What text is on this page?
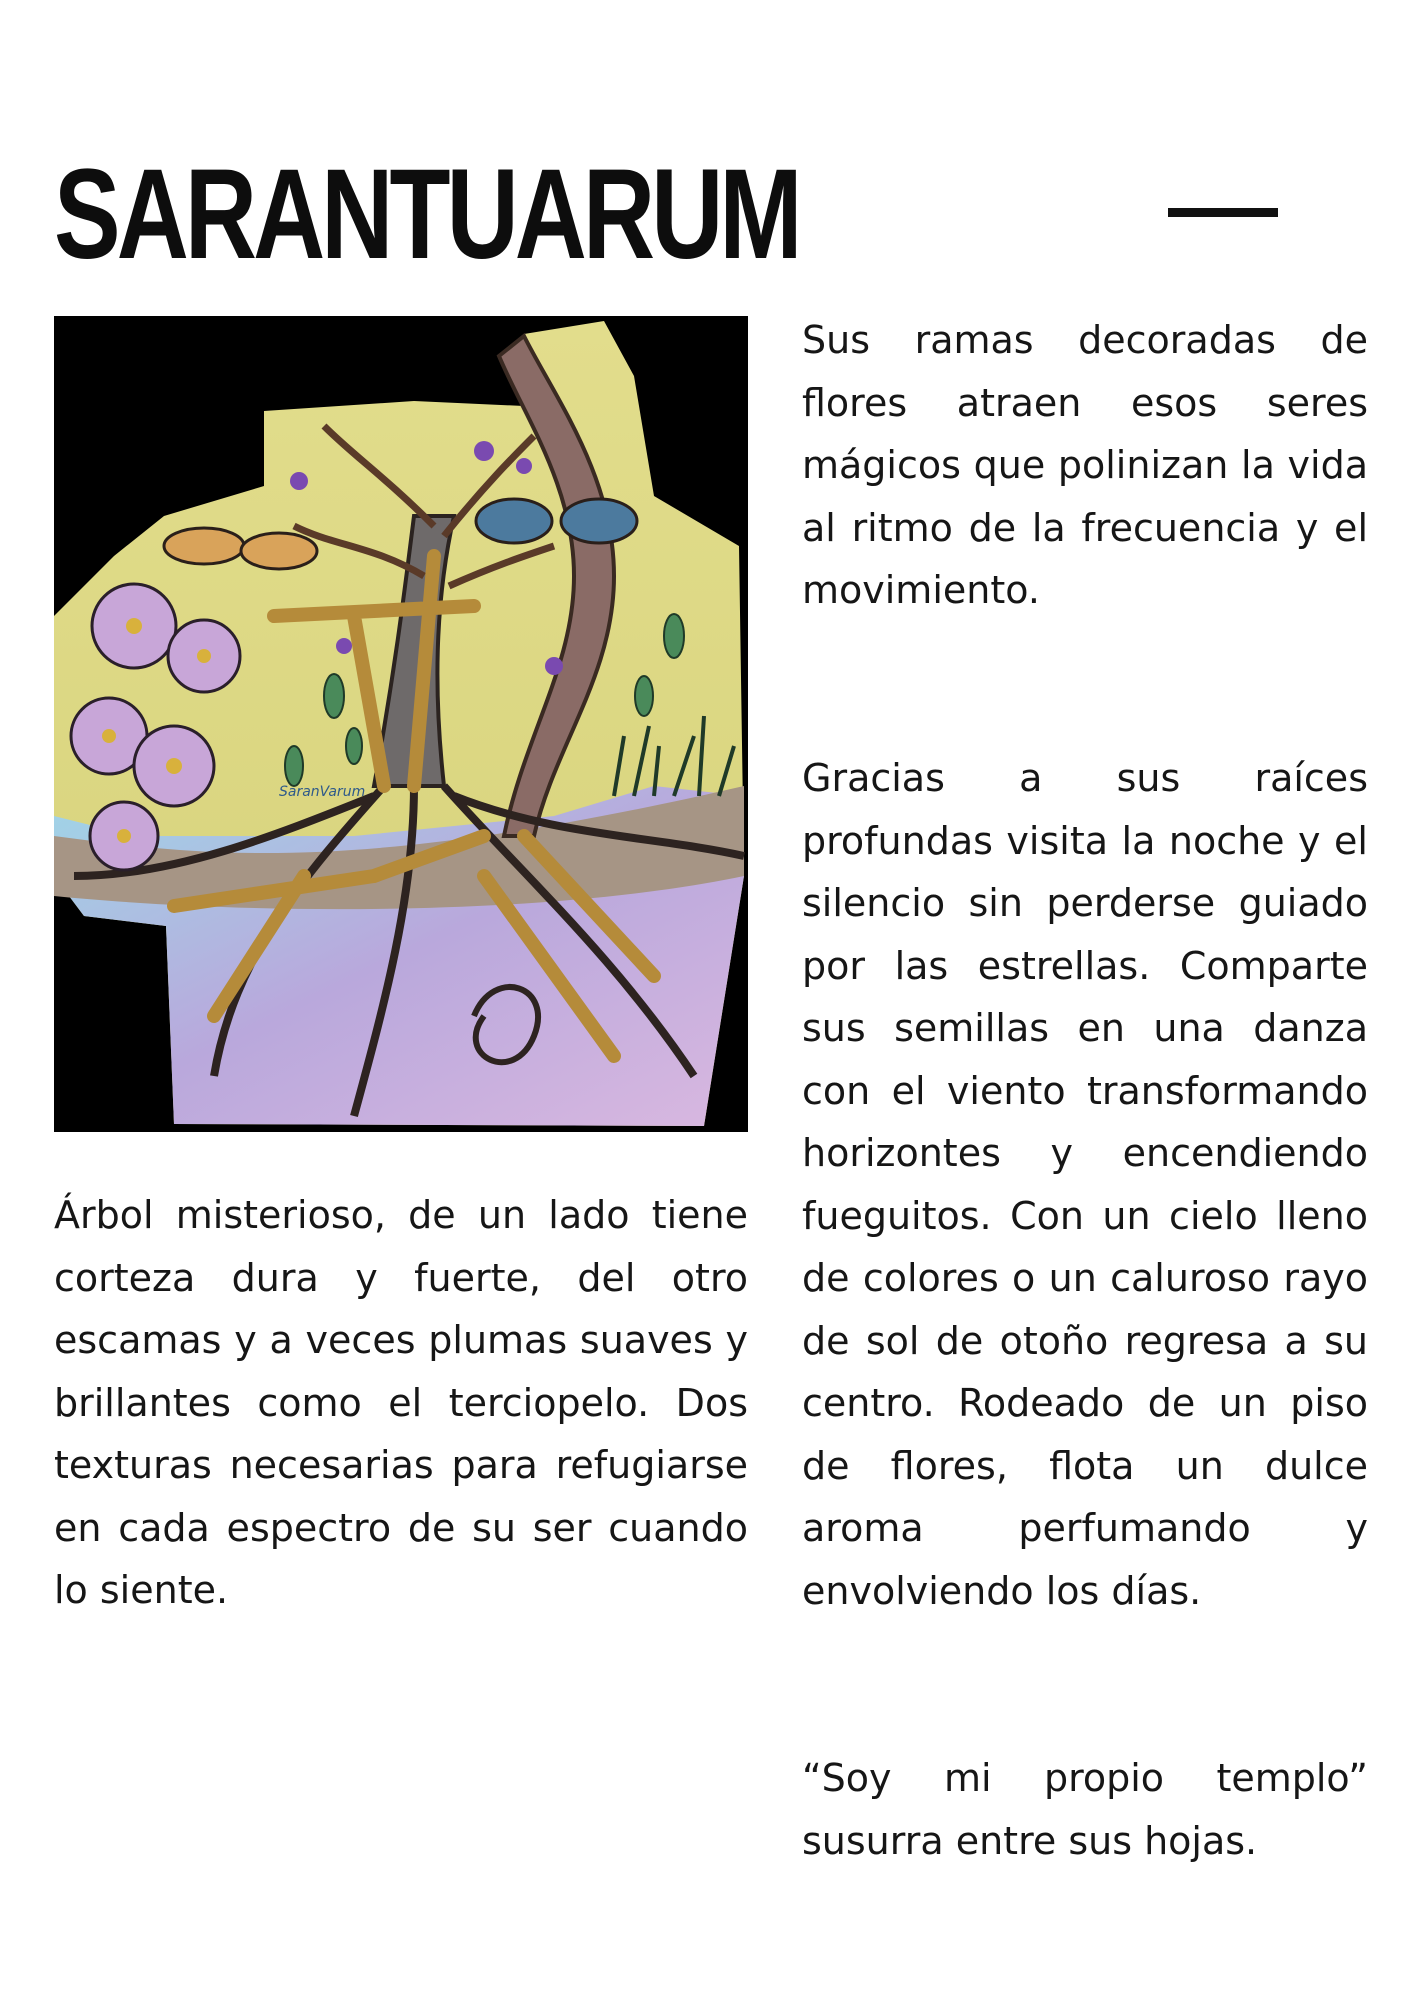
SARANTUARUM
SaranVarum

Árbol misterioso, de un lado tiene corteza dura y fuerte, del otro escamas y a veces plumas suaves y brillantes como el terciopelo. Dos texturas necesarias para refugiarse en cada espectro de su ser cuando lo siente.

Sus ramas decoradas de flores atraen esos seres mágicos que polinizan la vida al ritmo de la frecuencia y el movimiento.

Gracias a sus raíces profundas visita la noche y el silencio sin perderse guiado por las estrellas. Comparte sus semillas en una danza con el viento transformando horizontes y encendiendo fueguitos. Con un cielo lleno de colores o un caluroso rayo de sol de otoño regresa a su centro. Rodeado de un piso de flores, flota un dulce aroma perfumando y envolviendo los días.

“Soy mi propio templo” susurra entre sus hojas.
